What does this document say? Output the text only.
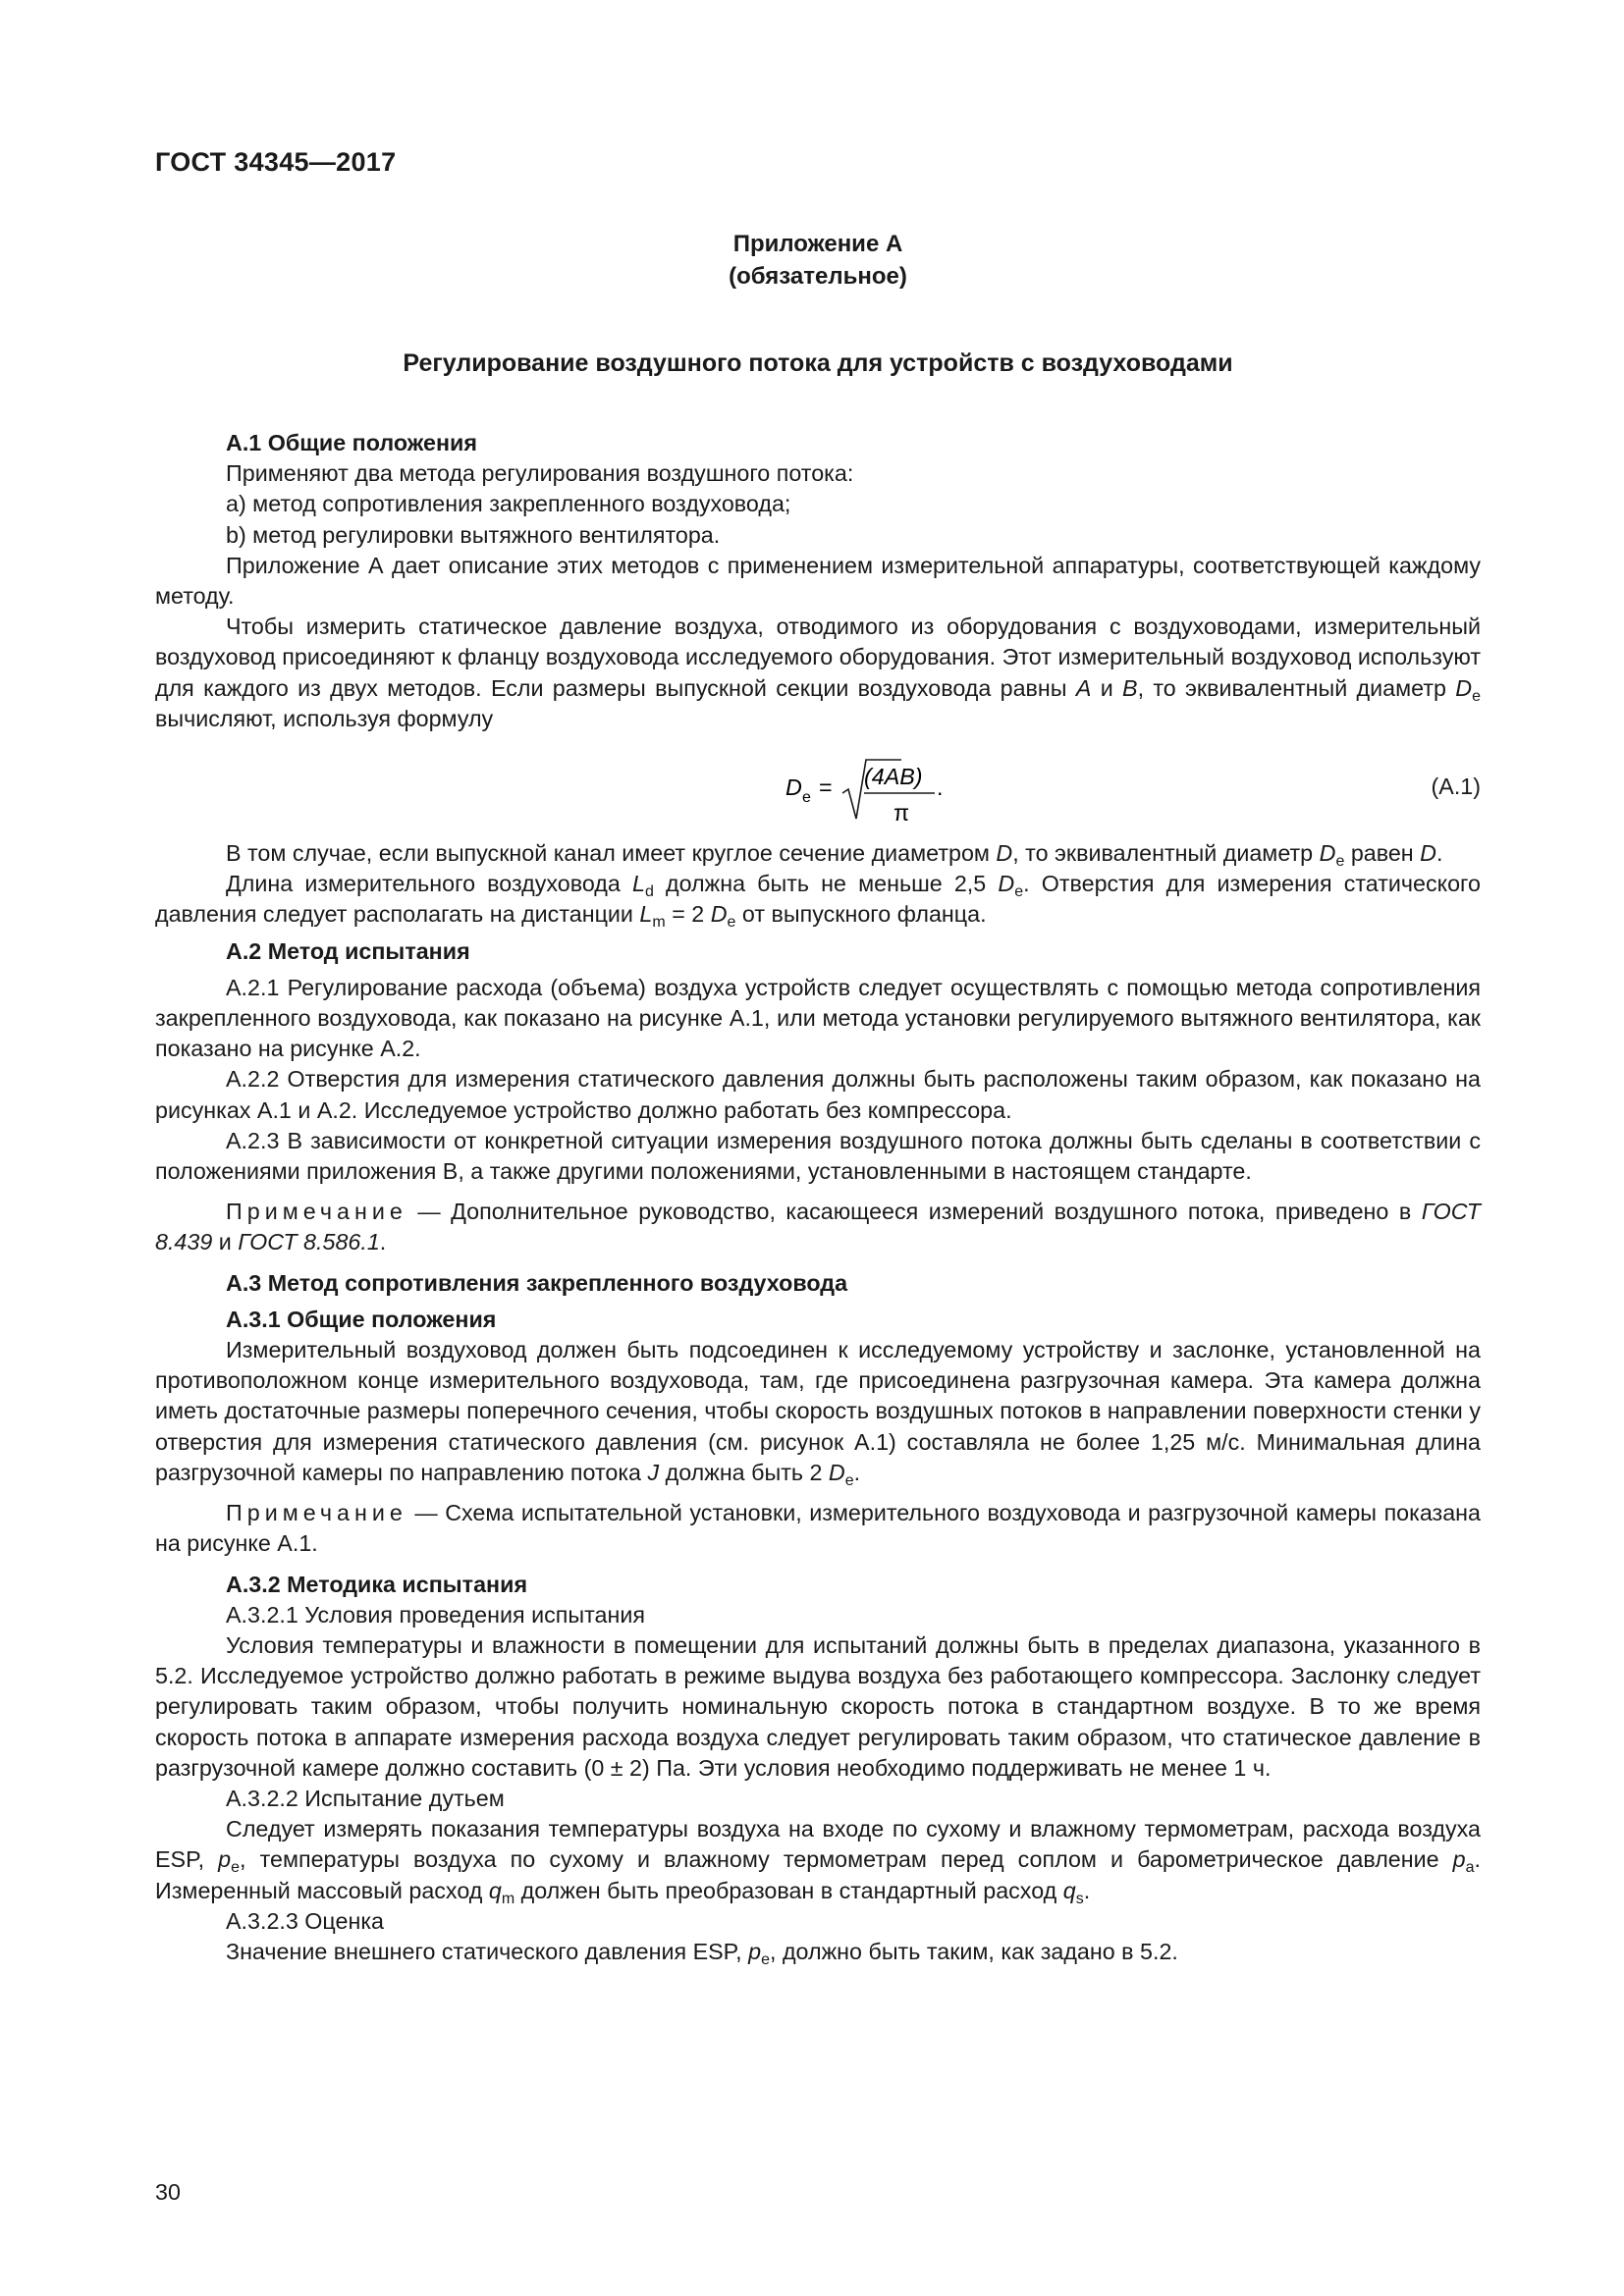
ГОСТ 34345—2017
Приложение А
(обязательное)
Регулирование воздушного потока для устройств с воздуховодами

А.1 Общие положения

Применяют два метода регулирования воздушного потока:

a) метод сопротивления закрепленного воздуховода;

b) метод регулировки вытяжного вентилятора.

Приложение А дает описание этих методов с применением измерительной аппаратуры, соответствующей каждому методу.

Чтобы измерить статическое давление воздуха, отводимого из оборудования с воздуховодами, измерительный воздуховод присоединяют к фланцу воздуховода исследуемого оборудования. Этот измерительный воздуховод используют для каждого из двух методов. Если размеры выпускной секции воздуховода равны A и B, то эквивалентный диаметр $D_e$ вычисляют, используя формулу

D e = (4AB)
π
.	(А.1)

В том случае, если выпускной канал имеет круглое сечение диаметром D, то эквивалентный диаметр $D_e$ равен D.

Длина измерительного воздуховода $L_d$ должна быть не меньше 2,5 $D_e$. Отверстия для измерения статического давления следует располагать на дистанции $L_m = 2$ $D_e$ от выпускного фланца.

А.2 Метод испытания

А.2.1 Регулирование расхода (объема) воздуха устройств следует осуществлять с помощью метода сопротивления закрепленного воздуховода, как показано на рисунке А.1, или метода установки регулируемого вытяжного вентилятора, как показано на рисунке А.2.

А.2.2 Отверстия для измерения статического давления должны быть расположены таким образом, как показано на рисунках А.1 и А.2. Исследуемое устройство должно работать без компрессора.

А.2.3 В зависимости от конкретной ситуации измерения воздушного потока должны быть сделаны в соответствии с положениями приложения В, а также другими положениями, установленными в настоящем стандарте.

Примечание — Дополнительное руководство, касающееся измерений воздушного потока, приведено в ГОСТ 8.439 и ГОСТ 8.586.1.

А.3 Метод сопротивления закрепленного воздуховода

А.3.1 Общие положения

Измерительный воздуховод должен быть подсоединен к исследуемому устройству и заслонке, установленной на противоположном конце измерительного воздуховода, там, где присоединена разгрузочная камера. Эта камера должна иметь достаточные размеры поперечного сечения, чтобы скорость воздушных потоков в направлении поверхности стенки у отверстия для измерения статического давления (см. рисунок А.1) составляла не более 1,25 м/с. Минимальная длина разгрузочной камеры по направлению потока J должна быть 2 $D_e$.

Примечание — Схема испытательной установки, измерительного воздуховода и разгрузочной камеры показана на рисунке А.1.

А.3.2 Методика испытания

А.3.2.1 Условия проведения испытания

Условия температуры и влажности в помещении для испытаний должны быть в пределах диапазона, указанного в 5.2. Исследуемое устройство должно работать в режиме выдува воздуха без работающего компрессора. Заслонку следует регулировать таким образом, чтобы получить номинальную скорость потока в стандартном воздухе. В то же время скорость потока в аппарате измерения расхода воздуха следует регулировать таким образом, что статическое давление в разгрузочной камере должно составить (0 ± 2) Па. Эти условия необходимо поддерживать не менее 1 ч.

А.3.2.2 Испытание дутьем

Следует измерять показания температуры воздуха на входе по сухому и влажному термометрам, расхода воздуха ESP, $p_e$, температуры воздуха по сухому и влажному термометрам перед соплом и барометрическое давление $p_a$. Измеренный массовый расход $q_m$ должен быть преобразован в стандартный расход $q_s$.

А.3.2.3 Оценка

Значение внешнего статического давления ESP, $p_e$, должно быть таким, как задано в 5.2.

30
